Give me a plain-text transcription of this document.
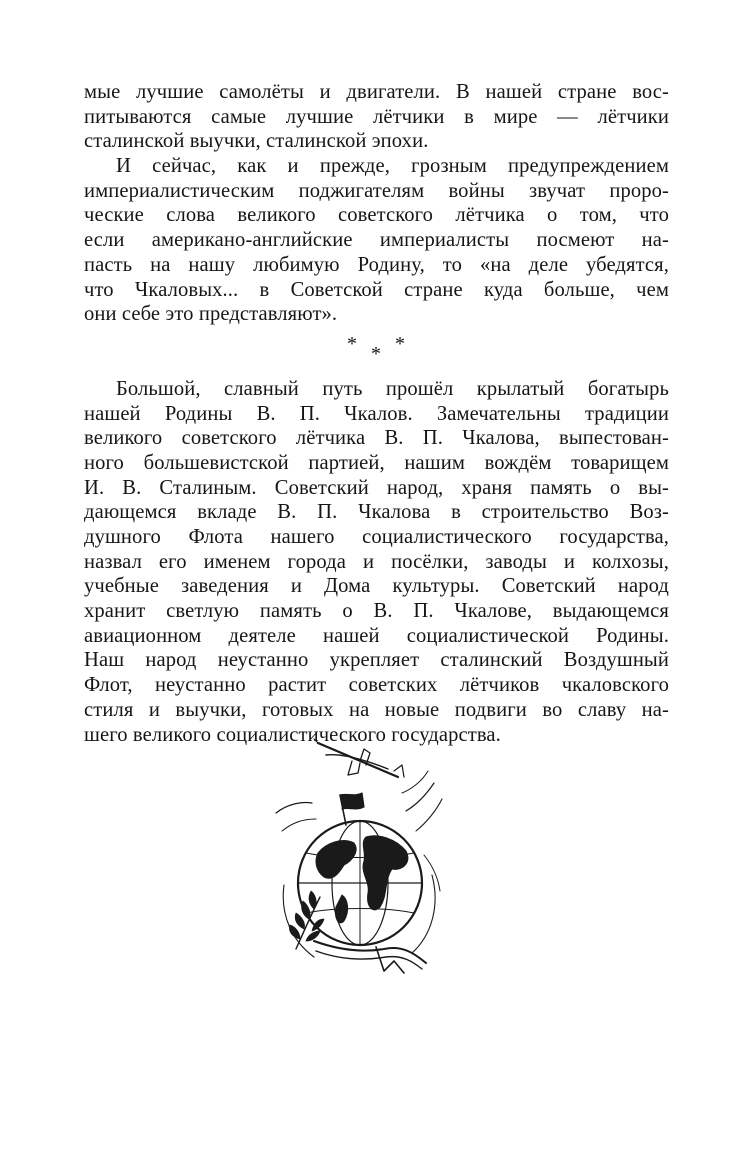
мые лучшие самолёты и двигатели. В нашей стране вос-
питываются самые лучшие лётчики в мире — лётчики
сталинской выучки, сталинской эпохи.
И сейчас, как и прежде, грозным предупреждением
империалистическим поджигателям войны звучат проро-
ческие слова великого советского лётчика о том, что
если американо-английские империалисты посмеют на-
пасть на нашу любимую Родину, то «на деле убедятся,
что Чкаловых... в Советской стране куда больше, чем
они себе это представляют».
* * *
Большой, славный путь прошёл крылатый богатырь
нашей Родины В. П. Чкалов. Замечательны традиции
великого советского лётчика В. П. Чкалова, выпестован-
ного большевистской партией, нашим вождём товарищем
И. В. Сталиным. Советский народ, храня память о вы-
дающемся вкладе В. П. Чкалова в строительство Воз-
душного Флота нашего социалистического государства,
назвал его именем города и посёлки, заводы и колхозы,
учебные заведения и Дома культуры. Советский народ
хранит светлую память о В. П. Чкалове, выдающемся
авиационном деятеле нашей социалистической Родины.
Наш народ неустанно укрепляет сталинский Воздушный
Флот, неустанно растит советских лётчиков чкаловского
стиля и выучки, готовых на новые подвиги во славу на-
шего великого социалистического государства.
